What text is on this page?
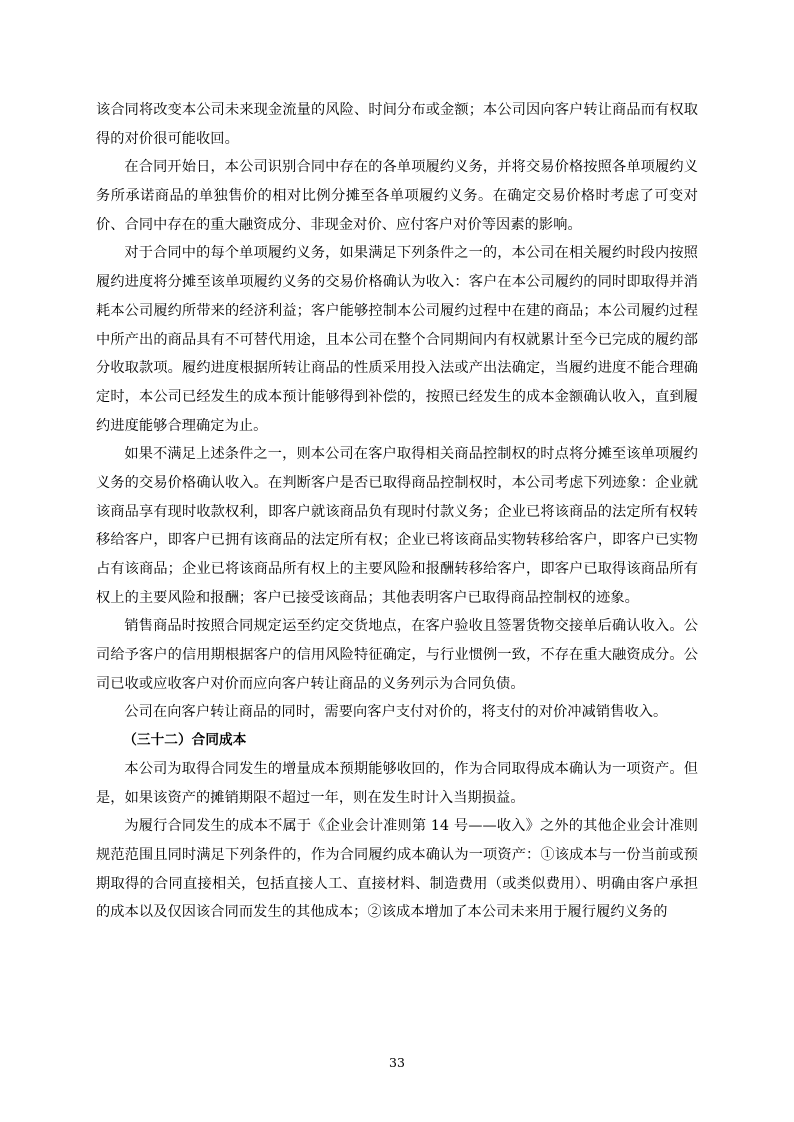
该合同将改变本公司未来现金流量的风险、时间分布或金额；本公司因向客户转让商品而有权取得的对价很可能收回。

在合同开始日，本公司识别合同中存在的各单项履约义务，并将交易价格按照各单项履约义务所承诺商品的单独售价的相对比例分摊至各单项履约义务。在确定交易价格时考虑了可变对价、合同中存在的重大融资成分、非现金对价、应付客户对价等因素的影响。

对于合同中的每个单项履约义务，如果满足下列条件之一的，本公司在相关履约时段内按照履约进度将分摊至该单项履约义务的交易价格确认为收入：客户在本公司履约的同时即取得并消耗本公司履约所带来的经济利益；客户能够控制本公司履约过程中在建的商品；本公司履约过程中所产出的商品具有不可替代用途，且本公司在整个合同期间内有权就累计至今已完成的履约部分收取款项。履约进度根据所转让商品的性质采用投入法或产出法确定，当履约进度不能合理确定时，本公司已经发生的成本预计能够得到补偿的，按照已经发生的成本金额确认收入，直到履约进度能够合理确定为止。

如果不满足上述条件之一，则本公司在客户取得相关商品控制权的时点将分摊至该单项履约义务的交易价格确认收入。在判断客户是否已取得商品控制权时，本公司考虑下列迹象：企业就该商品享有现时收款权利，即客户就该商品负有现时付款义务；企业已将该商品的法定所有权转移给客户，即客户已拥有该商品的法定所有权；企业已将该商品实物转移给客户，即客户已实物占有该商品；企业已将该商品所有权上的主要风险和报酬转移给客户，即客户已取得该商品所有权上的主要风险和报酬；客户已接受该商品；其他表明客户已取得商品控制权的迹象。

销售商品时按照合同规定运至约定交货地点，在客户验收且签署货物交接单后确认收入。公司给予客户的信用期根据客户的信用风险特征确定，与行业惯例一致，不存在重大融资成分。公司已收或应收客户对价而应向客户转让商品的义务列示为合同负债。

公司在向客户转让商品的同时，需要向客户支付对价的，将支付的对价冲减销售收入。

（三十二）合同成本

本公司为取得合同发生的增量成本预期能够收回的，作为合同取得成本确认为一项资产。但是，如果该资产的摊销期限不超过一年，则在发生时计入当期损益。

为履行合同发生的成本不属于《企业会计准则第 14 号——收入》之外的其他企业会计准则规范范围且同时满足下列条件的，作为合同履约成本确认为一项资产：①该成本与一份当前或预期取得的合同直接相关，包括直接人工、直接材料、制造费用（或类似费用）、明确由客户承担的成本以及仅因该合同而发生的其他成本；②该成本增加了本公司未来用于履行履约义务的

33
